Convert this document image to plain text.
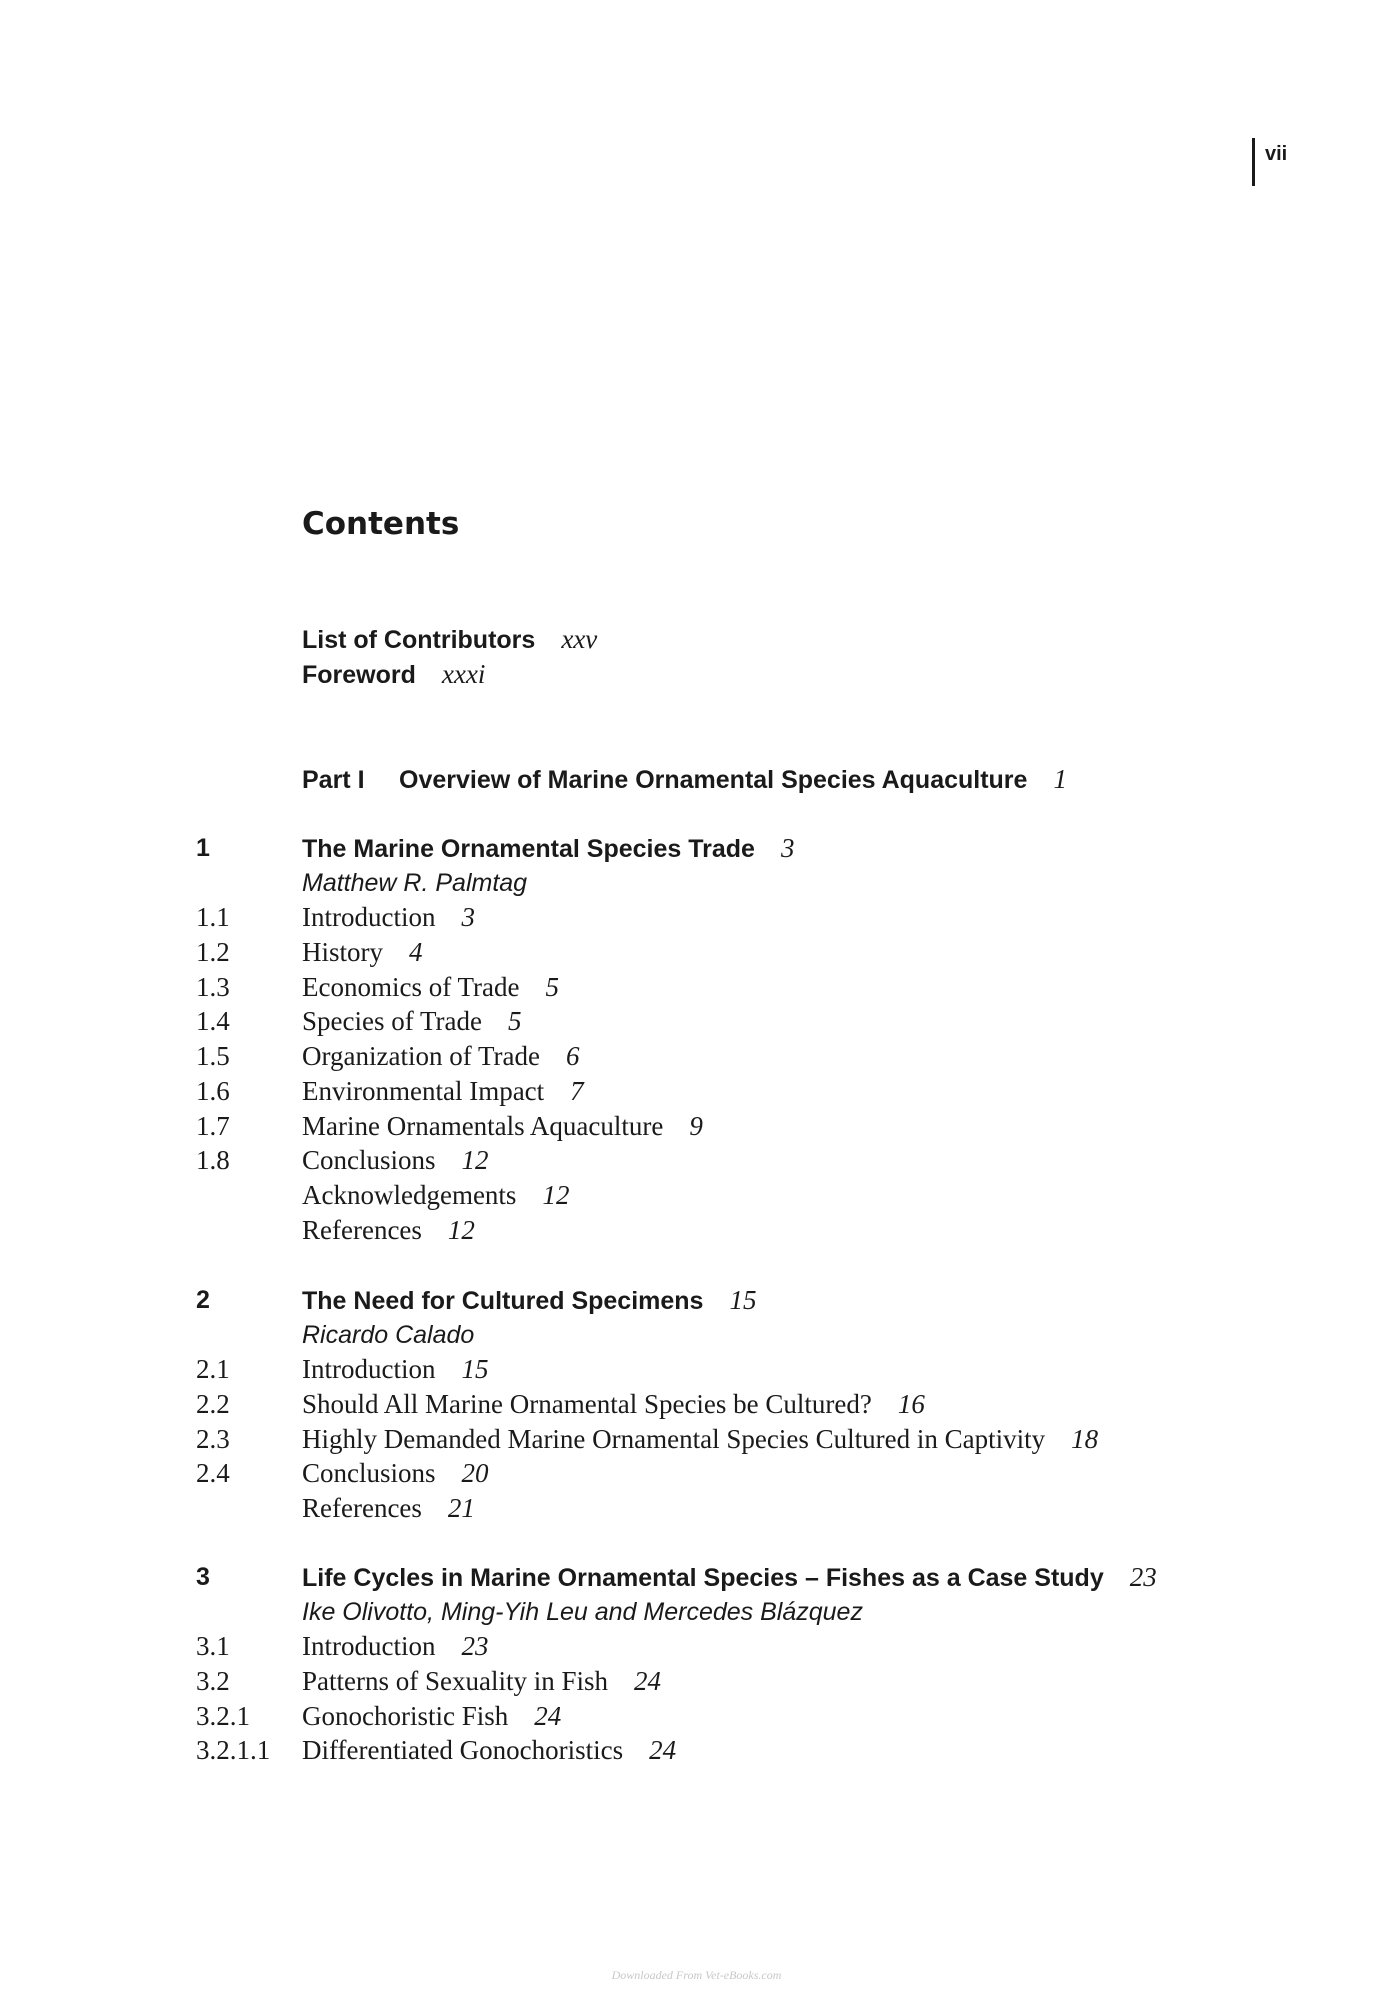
vii
Contents
List of Contributors xxv
Foreword xxxi
Part I Overview of Marine Ornamental Species Aquaculture 1
1	The Marine Ornamental Species Trade 3
Matthew R. Palmtag
1.1	Introduction 3
1.2	History 4
1.3	Economics of Trade 5
1.4	Species of Trade 5
1.5	Organization of Trade 6
1.6	Environmental Impact 7
1.7	Marine Ornamentals Aquaculture 9
1.8	Conclusions 12
Acknowledgements 12
References 12
2	The Need for Cultured Specimens 15
Ricardo Calado
2.1	Introduction 15
2.2	Should All Marine Ornamental Species be Cultured? 16
2.3	Highly Demanded Marine Ornamental Species Cultured in Captivity 18
2.4	Conclusions 20
References 21
3	Life Cycles in Marine Ornamental Species – Fishes as a Case Study 23
Ike Olivotto, Ming-Yih Leu and Mercedes Blázquez
3.1	Introduction 23
3.2	Patterns of Sexuality in Fish 24
3.2.1 Gonochoristic Fish 24
3.2.1.1 Differentiated Gonochoristics 24
Downloaded From Vet-eBooks.com
